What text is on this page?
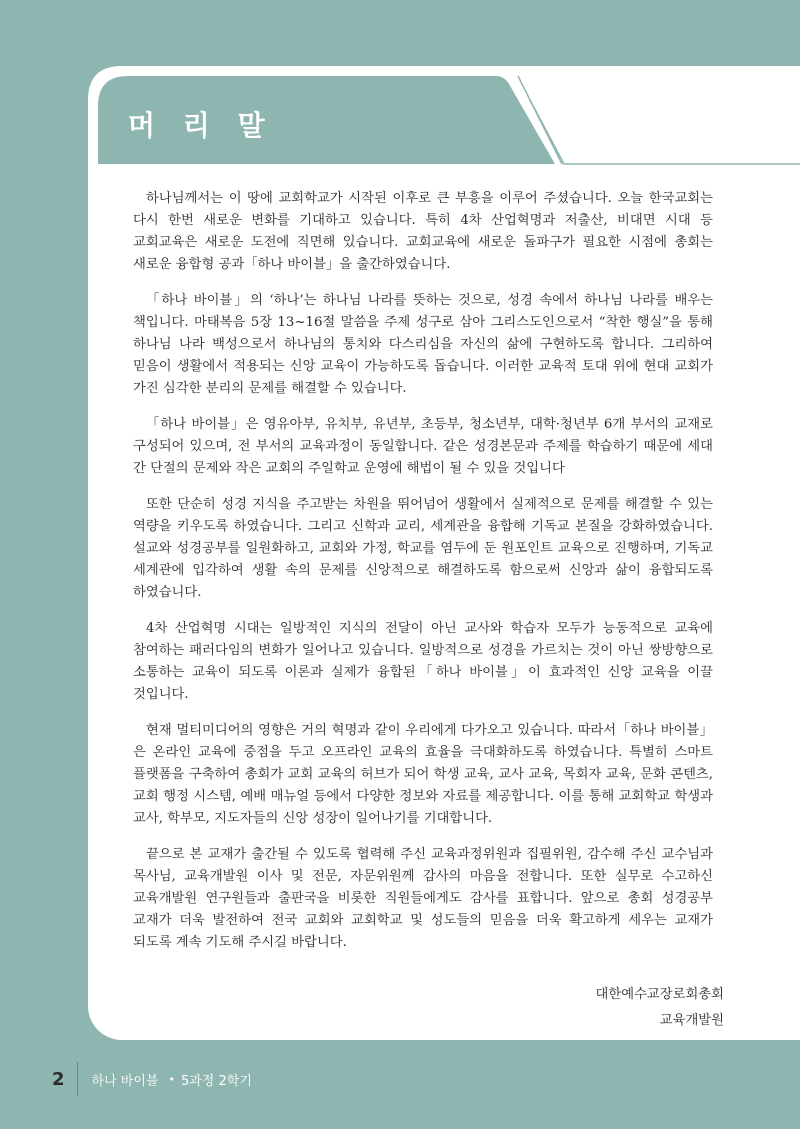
머 리 말

하나님께서는 이 땅에 교회학교가 시작된 이후로 큰 부흥을 이루어 주셨습니다. 오늘 한국교회는 다시 한번 새로운 변화를 기대하고 있습니다. 특히 4차 산업혁명과 저출산, 비대면 시대 등 교회교육은 새로운 도전에 직면해 있습니다. 교회교육에 새로운 돌파구가 필요한 시점에 총회는 새로운 융합형 공과「하나 바이블」을 출간하였습니다.

「하나 바이블」의 ‘하나’는 하나님 나라를 뜻하는 것으로, 성경 속에서 하나님 나라를 배우는 책입니다. 마태복음 5장 13~16절 말씀을 주제 성구로 삼아 그리스도인으로서 “착한 행실”을 통해 하나님 나라 백성으로서 하나님의 통치와 다스리심을 자신의 삶에 구현하도록 합니다. 그리하여 믿음이 생활에서 적용되는 신앙 교육이 가능하도록 돕습니다. 이러한 교육적 토대 위에 현대 교회가 가진 심각한 분리의 문제를 해결할 수 있습니다.

「하나 바이블」은 영유아부, 유치부, 유년부, 초등부, 청소년부, 대학·청년부 6개 부서의 교재로 구성되어 있으며, 전 부서의 교육과정이 동일합니다. 같은 성경본문과 주제를 학습하기 때문에 세대 간 단절의 문제와 작은 교회의 주일학교 운영에 해법이 될 수 있을 것입니다

또한 단순히 성경 지식을 주고받는 차원을 뛰어넘어 생활에서 실제적으로 문제를 해결할 수 있는 역량을 키우도록 하였습니다. 그리고 신학과 교리, 세계관을 융합해 기독교 본질을 강화하였습니다. 설교와 성경공부를 일원화하고, 교회와 가정, 학교를 염두에 둔 원포인트 교육으로 진행하며, 기독교 세계관에 입각하여 생활 속의 문제를 신앙적으로 해결하도록 함으로써 신앙과 삶이 융합되도록 하였습니다.

4차 산업혁명 시대는 일방적인 지식의 전달이 아닌 교사와 학습자 모두가 능동적으로 교육에 참여하는 패러다임의 변화가 일어나고 있습니다. 일방적으로 성경을 가르치는 것이 아닌 쌍방향으로 소통하는 교육이 되도록 이론과 실제가 융합된「하나 바이블」이 효과적인 신앙 교육을 이끌 것입니다.

현재 멀티미디어의 영향은 거의 혁명과 같이 우리에게 다가오고 있습니다. 따라서「하나 바이블」은 온라인 교육에 중점을 두고 오프라인 교육의 효율을 극대화하도록 하였습니다. 특별히 스마트 플랫폼을 구축하여 총회가 교회 교육의 허브가 되어 학생 교육, 교사 교육, 목회자 교육, 문화 콘텐츠, 교회 행정 시스템, 예배 매뉴얼 등에서 다양한 정보와 자료를 제공합니다. 이를 통해 교회학교 학생과 교사, 학부모, 지도자들의 신앙 성장이 일어나기를 기대합니다.

끝으로 본 교재가 출간될 수 있도록 협력해 주신 교육과정위원과 집필위원, 감수해 주신 교수님과 목사님, 교육개발원 이사 및 전문, 자문위원께 감사의 마음을 전합니다. 또한 실무로 수고하신 교육개발원 연구원들과 출판국을 비롯한 직원들에게도 감사를 표합니다. 앞으로 총회 성경공부 교재가 더욱 발전하여 전국 교회와 교회학교 및 성도들의 믿음을 더욱 확고하게 세우는 교재가 되도록 계속 기도해 주시길 바랍니다.

대한예수교장로회총회
교육개발원
2 하나 바이블 • 5과정 2학기
